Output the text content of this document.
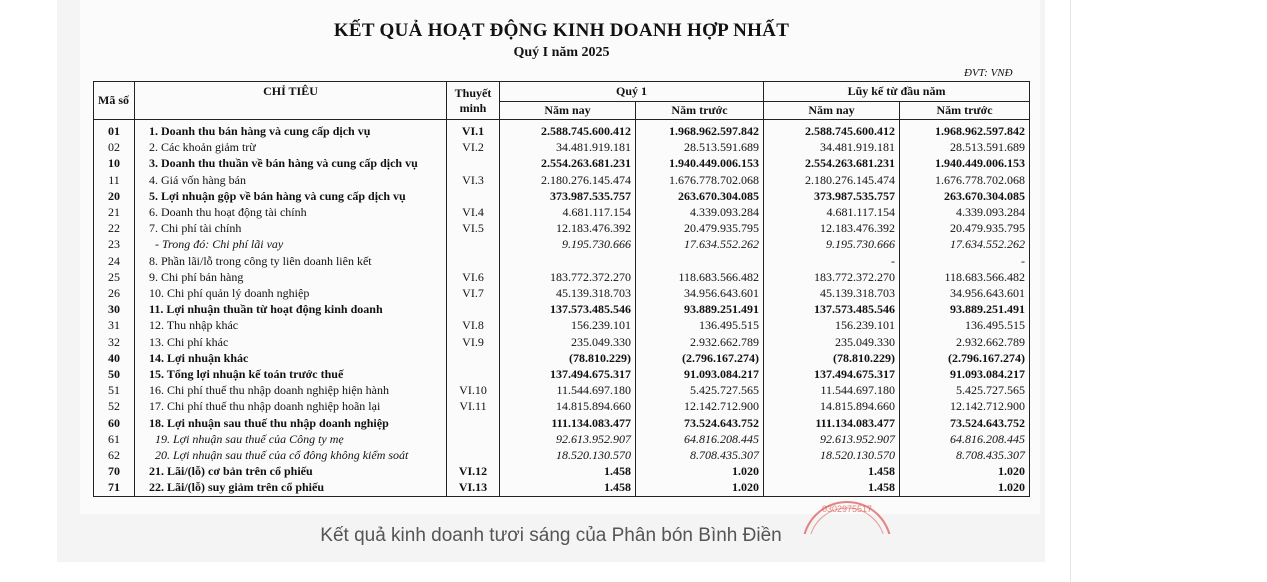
Kết quả kinh doanh tươi sáng của Phân bón Bình Điền
KẾT QUẢ HOẠT ĐỘNG KINH DOANH HỢP NHẤT
Quý I năm 2025
ĐVT: VNĐ
Mã số	CHỈ TIÊU	Thuyết minh	Quý 1		Lũy kế từ đầu năm	
			Năm nay	Năm trước	Năm nay	Năm trước
01	1. Doanh thu bán hàng và cung cấp dịch vụ	VI.1	2.588.745.600.412	1.968.962.597.842	2.588.745.600.412	1.968.962.597.842
02	2. Các khoản giảm trừ	VI.2	34.481.919.181	28.513.591.689	34.481.919.181	28.513.591.689
10	3. Doanh thu thuần về bán hàng và cung cấp dịch vụ		2.554.263.681.231	1.940.449.006.153	2.554.263.681.231	1.940.449.006.153
11	4. Giá vốn hàng bán	VI.3	2.180.276.145.474	1.676.778.702.068	2.180.276.145.474	1.676.778.702.068
20	5. Lợi nhuận gộp về bán hàng và cung cấp dịch vụ		373.987.535.757	263.670.304.085	373.987.535.757	263.670.304.085
21	6. Doanh thu hoạt động tài chính	VI.4	4.681.117.154	4.339.093.284	4.681.117.154	4.339.093.284
22	7. Chi phí tài chính	VI.5	12.183.476.392	20.479.935.795	12.183.476.392	20.479.935.795
23	- Trong đó: Chi phí lãi vay		9.195.730.666	17.634.552.262	9.195.730.666	17.634.552.262
24	8. Phần lãi/lỗ trong công ty liên doanh liên kết				-	-
25	9. Chi phí bán hàng	VI.6	183.772.372.270	118.683.566.482	183.772.372.270	118.683.566.482
26	10. Chi phí quản lý doanh nghiệp	VI.7	45.139.318.703	34.956.643.601	45.139.318.703	34.956.643.601
30	11. Lợi nhuận thuần từ hoạt động kinh doanh		137.573.485.546	93.889.251.491	137.573.485.546	93.889.251.491
31	12. Thu nhập khác	VI.8	156.239.101	136.495.515	156.239.101	136.495.515
32	13. Chi phí khác	VI.9	235.049.330	2.932.662.789	235.049.330	2.932.662.789
40	14. Lợi nhuận khác		(78.810.229)	(2.796.167.274)	(78.810.229)	(2.796.167.274)
50	15. Tổng lợi nhuận kế toán trước thuế		137.494.675.317	91.093.084.217	137.494.675.317	91.093.084.217
51	16. Chi phí thuế thu nhập doanh nghiệp hiện hành	VI.10	11.544.697.180	5.425.727.565	11.544.697.180	5.425.727.565
52	17. Chi phí thuế thu nhập doanh nghiệp hoãn lại	VI.11	14.815.894.660	12.142.712.900	14.815.894.660	12.142.712.900
60	18. Lợi nhuận sau thuế thu nhập doanh nghiệp		111.134.083.477	73.524.643.752	111.134.083.477	73.524.643.752
61	19. Lợi nhuận sau thuế của Công ty mẹ		92.613.952.907	64.816.208.445	92.613.952.907	64.816.208.445
62	20. Lợi nhuận sau thuế của cổ đông không kiểm soát		18.520.130.570	8.708.435.307	18.520.130.570	8.708.435.307
70	21. Lãi/(lỗ) cơ bản trên cổ phiếu	VI.12	1.458	1.020	1.458	1.020
71	22. Lãi/(lỗ) suy giảm trên cổ phiếu	VI.13	1.458	1.020	1.458	1.020
0302975517
